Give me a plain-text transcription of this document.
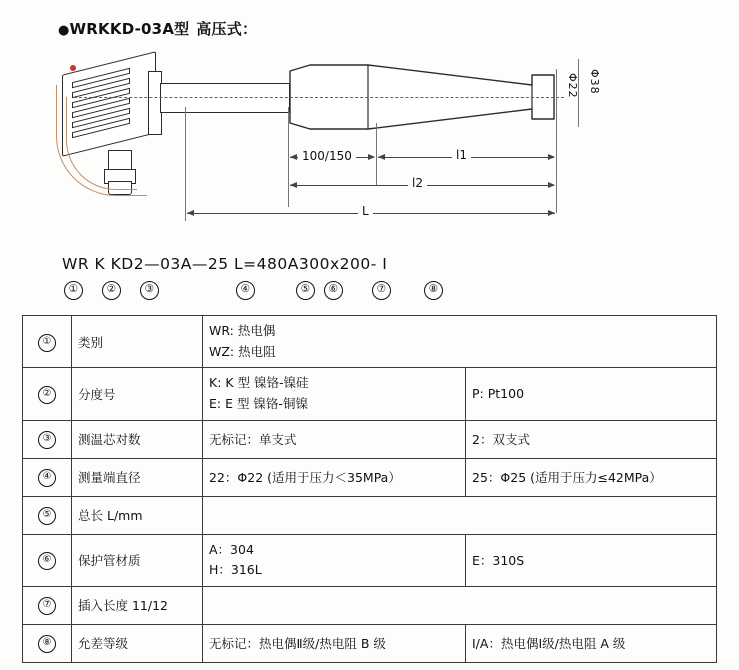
●WRKKD-03A型 高压式：
Φ22 Φ38
100/150	l1
l2
L
WR K KD2—03A—25 L=480A300x200- I
①	②	③	④	⑤	⑥	⑦	⑧
①	类别	WR: 热电偶
WZ: 热电阻	

②	分度号	K: K 型 镍铬-镍硅
E: E 型 镍铬-铜镍	P: Pt100
③	测温芯对数	无标记：单支式	2：双支式
④	测量端直径	22：Φ22 (适用于压力＜35MPa）	25：Φ25 (适用于压力≤42MPa）
⑤	总长 L/mm		
⑥	保护管材质	A：304
H：316L	E：310S
⑦	插入长度 11/12		
⑧	允差等级	无标记：热电偶Ⅱ级/热电阻 B 级	Ⅰ/A：热电偶Ⅰ级/热电阻 A 级
